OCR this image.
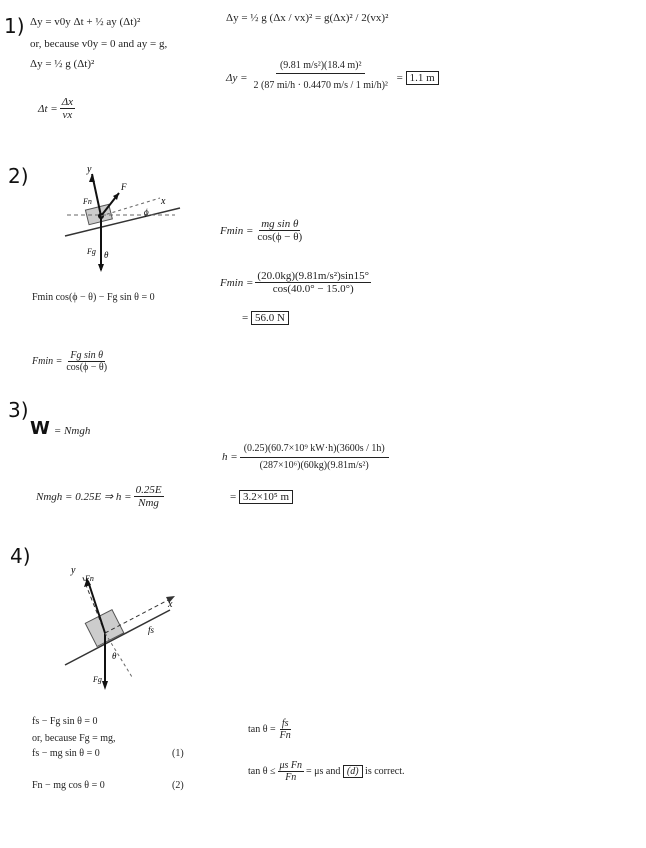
1) Δy = v0y Δt + ½ ay (Δt)²
or, because v0y = 0 and ay = g,
Δy = ½ g (Δt)²
$\Delta t = \frac{\Delta x}{vx}$
Δy = ½ g (Δx / vx)² = g(Δx)² / 2(vx)²
$\Delta y = \frac{\text{(9.81 m/s²)(18.4 m)²}}{\text{2 (87 mi/h · 0.4470 m/s / 1 mi/h)²}} = 1.1$ m
2)	y
x
F
Fn
Fg θ
ϕ
Fmin cos(ϕ − θ) − Fg sin θ = 0
$Fmin = \frac{\text{Fg sin θ}}{\cos(\phi - \theta)}$
$Fmin = \frac{\text{mg sin θ}}{\cos(\phi - \theta)}$
$Fmin = \frac{\text{(20.0kg)(9.81m/s²)sin15°}}{\cos(40.0^\circ - 15.0^\circ)}$
= 56.0 N
3)
W = Nmgh
Nmgh = 0.25E ⇒ $h = \frac{0.25E}{\text{Nmg}}$
$h = \frac{\text{(0.25)(60.7×10⁹ kW·h)(3600s / 1h)}}{\text{(287×10⁶)(60kg)(9.81m/s²)}}$
= 3.2×10⁵ m
4)
y
x
Fn
fs
θ
Fg
fs − Fg sin θ = 0
or, because Fg = mg,
fs − mg sin θ = 0	(1)
Fn − mg cos θ = 0	(2)
$\tan \theta = \frac{fs}{Fn}$
$\tan \theta \le \frac{\text{μs Fn}}{Fn} = \mu s$ and
(d)
is correct.
